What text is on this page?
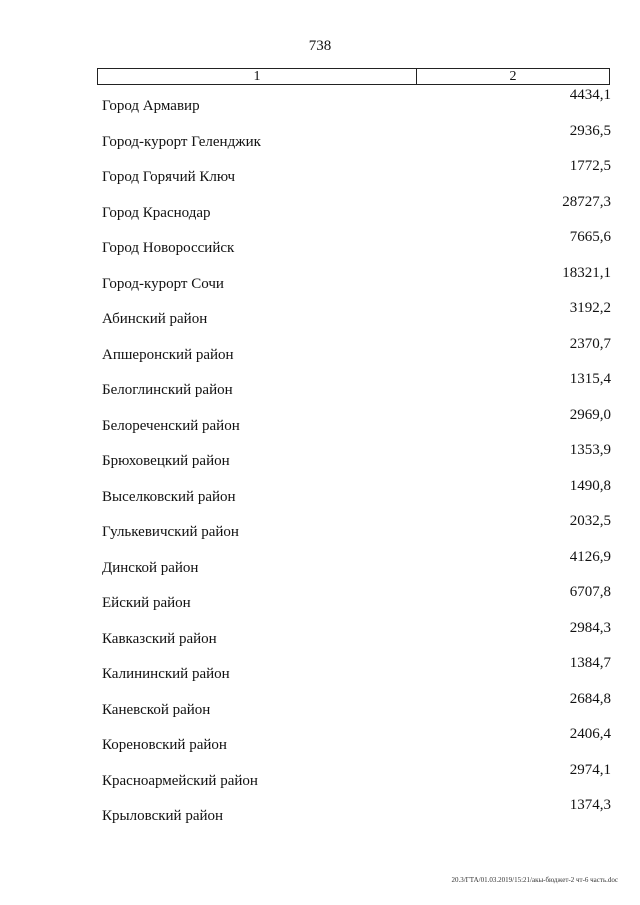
738
1	2
Город Армавир
4434,1
Город-курорт Геленджик
2936,5
Город Горячий Ключ
1772,5
Город Краснодар
28727,3
Город Новороссийск
7665,6
Город-курорт Сочи
18321,1
Абинский район
3192,2
Апшеронский район
2370,7
Белоглинский район
1315,4
Белореченский район
2969,0
Брюховецкий район
1353,9
Выселковский район
1490,8
Гулькевичский район
2032,5
Динской район
4126,9
Ейский район
6707,8
Кавказский район
2984,3
Калининский район
1384,7
Каневской район
2684,8
Кореновский район
2406,4
Красноармейский район
2974,1
Крыловский район
1374,3
20.3/ГТА/01.03.2019/15:21/акы-бюджет-2 чт-6 часть.doc
